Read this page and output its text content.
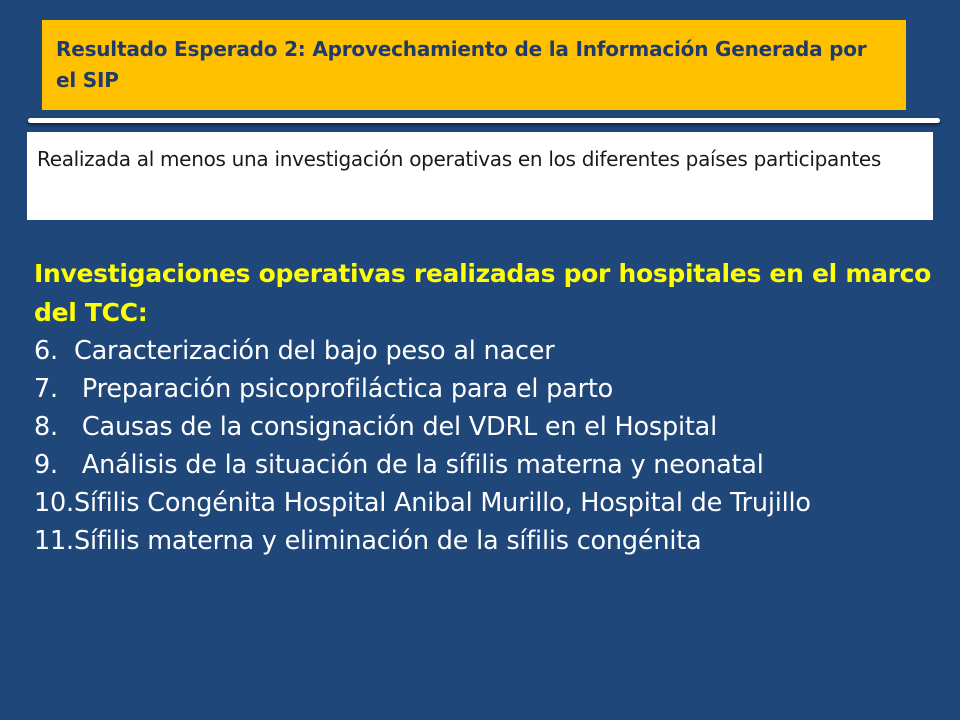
Resultado Esperado 2: Aprovechamiento de la Información Generada por el SIP

Realizada al menos una investigación operativas en los diferentes países participantes

Investigaciones operativas realizadas por hospitales en el marco del TCC:

6. Caracterización del bajo peso al nacer
7. Preparación psicoprofiláctica para el parto
8. Causas de la consignación del VDRL en el Hospital
9. Análisis de la situación de la sífilis materna y neonatal
10. Sífilis Congénita Hospital Anibal Murillo, Hospital de Trujillo
11. Sífilis materna y eliminación de la sífilis congénita
